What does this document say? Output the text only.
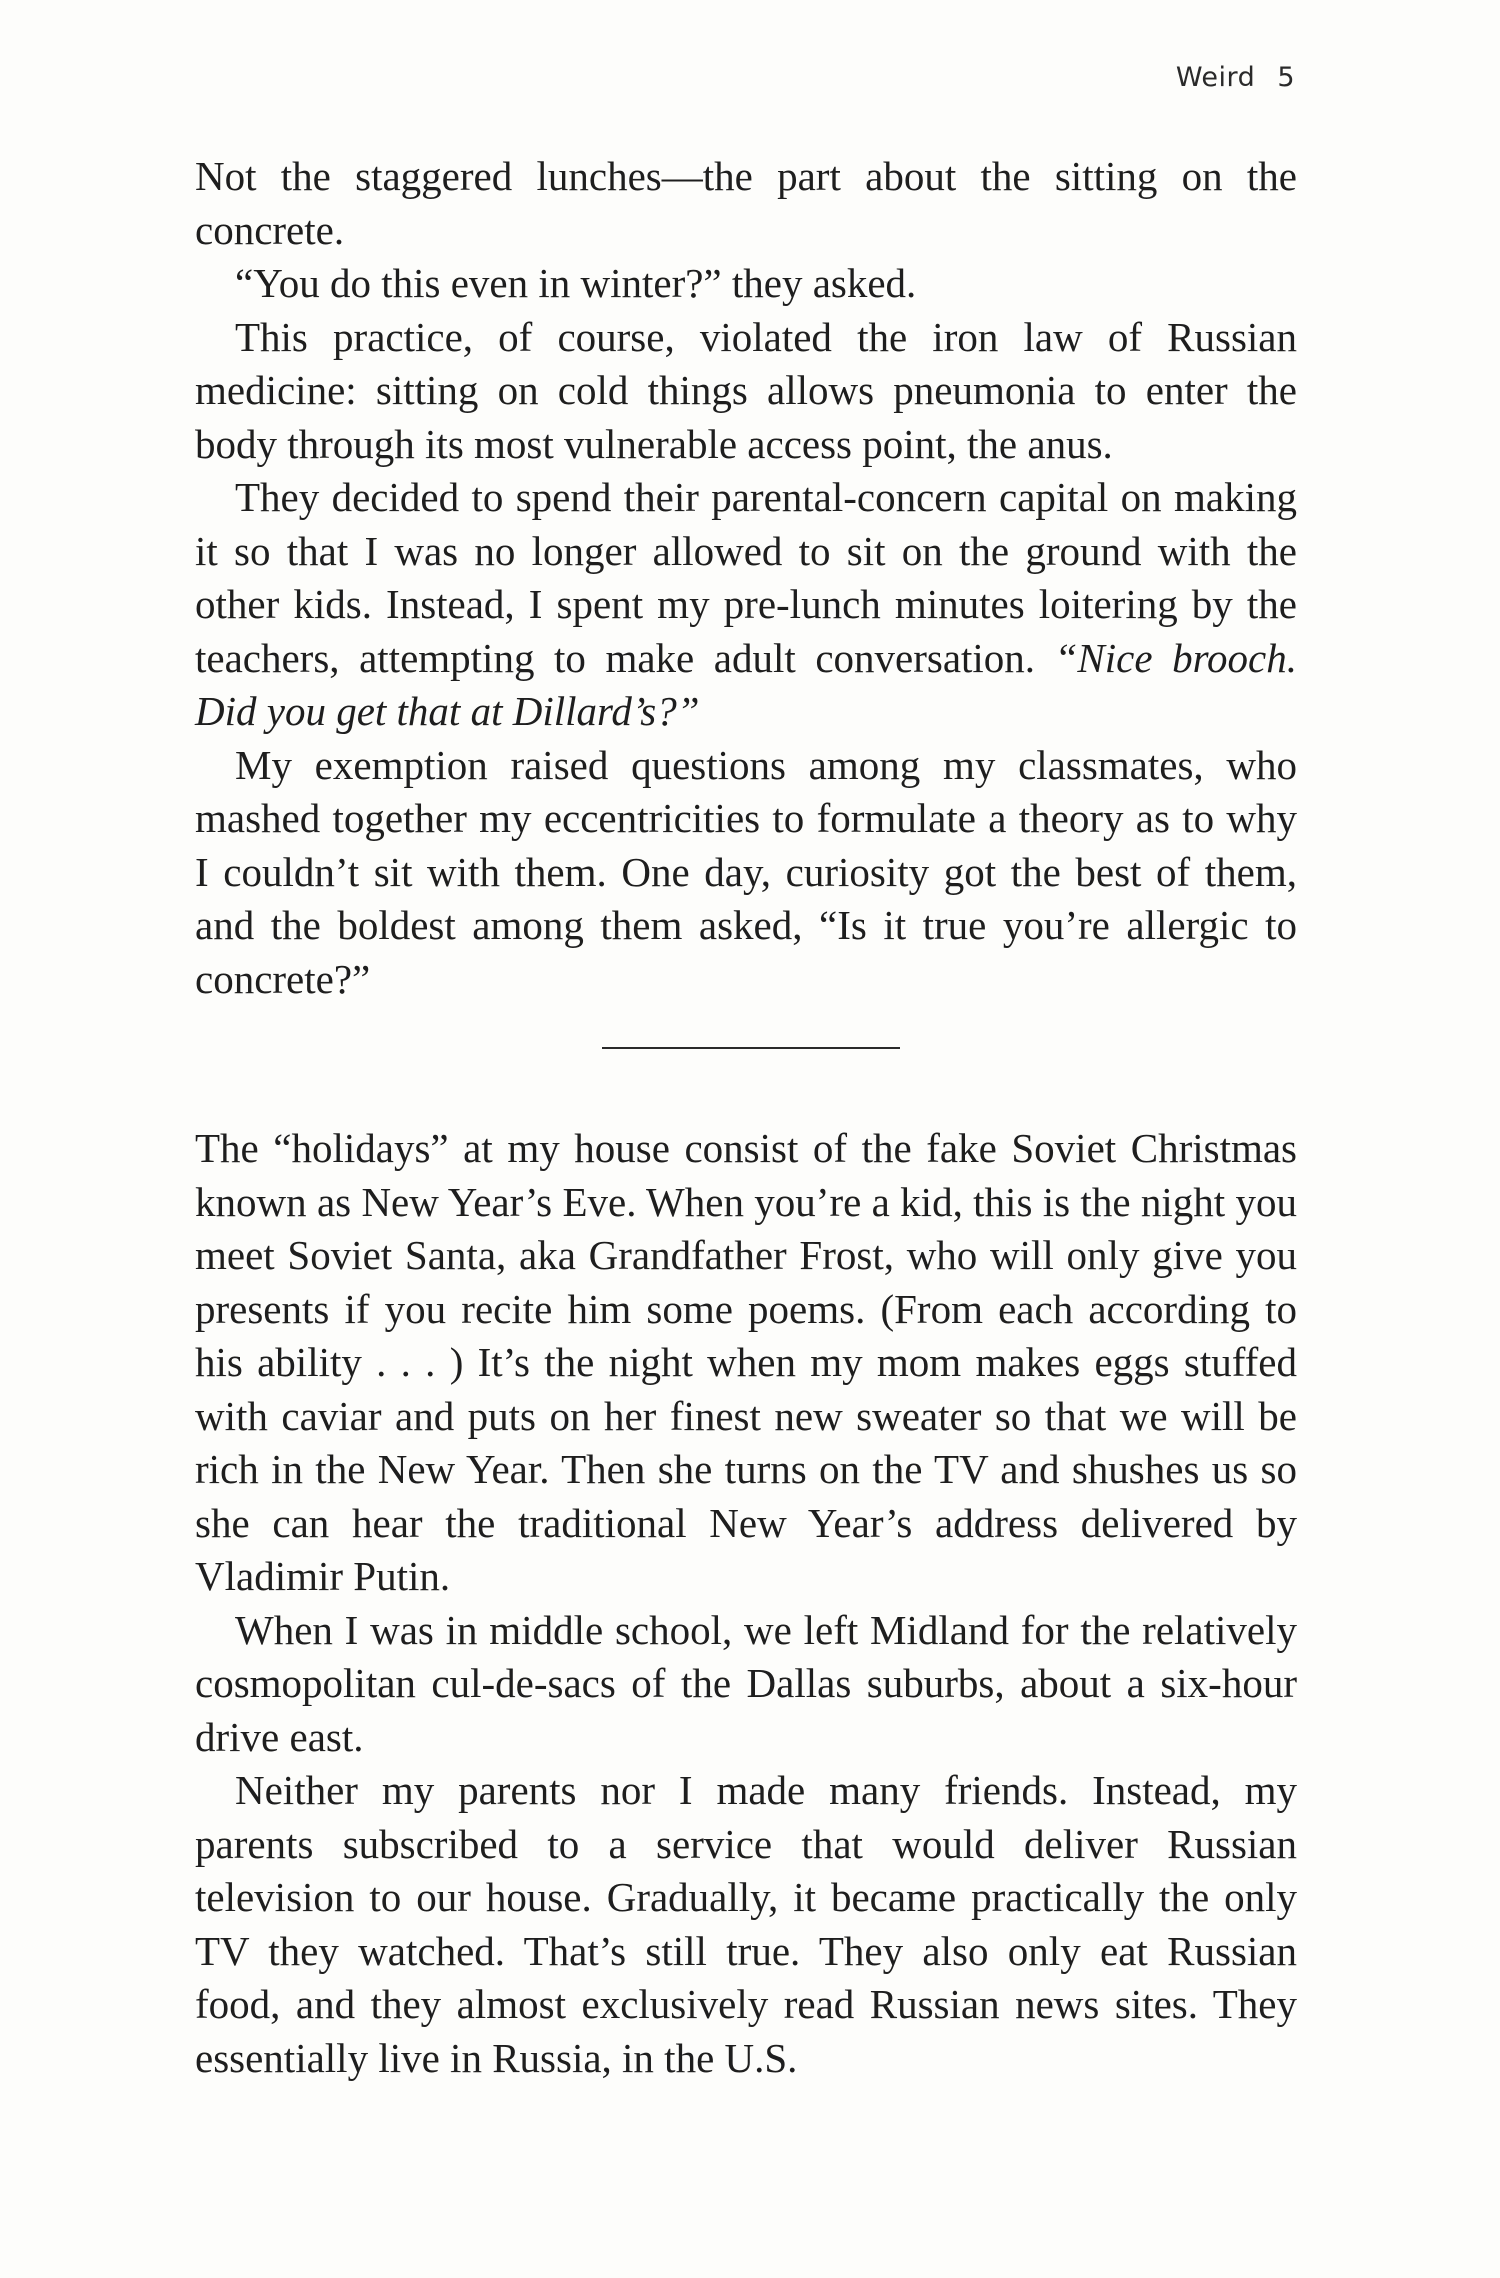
Weird 5

Not the staggered lunches—the part about the sitting on the concrete.

“You do this even in winter?” they asked.

This practice, of course, violated the iron law of Russian medicine: sitting on cold things allows pneumonia to enter the body through its most vulnerable access point, the anus.

They decided to spend their parental-concern capital on making it so that I was no longer allowed to sit on the ground with the other kids. Instead, I spent my pre-lunch minutes loitering by the teachers, attempting to make adult conversation. “Nice brooch. Did you get that at Dillard’s?”

My exemption raised questions among my classmates, who mashed together my eccentricities to formulate a theory as to why I couldn’t sit with them. One day, curiosity got the best of them, and the boldest among them asked, “Is it true you’re allergic to concrete?”

The “holidays” at my house consist of the fake Soviet Christmas known as New Year’s Eve. When you’re a kid, this is the night you meet Soviet Santa, aka Grandfather Frost, who will only give you presents if you recite him some poems. (From each according to his ability . . . ) It’s the night when my mom makes eggs stuffed with caviar and puts on her finest new sweater so that we will be rich in the New Year. Then she turns on the TV and shushes us so she can hear the traditional New Year’s address delivered by Vladimir Putin.

When I was in middle school, we left Midland for the relatively cosmopolitan cul-de-sacs of the Dallas suburbs, about a six-hour drive east.

Neither my parents nor I made many friends. Instead, my parents subscribed to a service that would deliver Russian television to our house. Gradually, it became practically the only TV they watched. That’s still true. They also only eat Russian food, and they almost exclusively read Russian news sites. They essentially live in Russia, in the U.S.
